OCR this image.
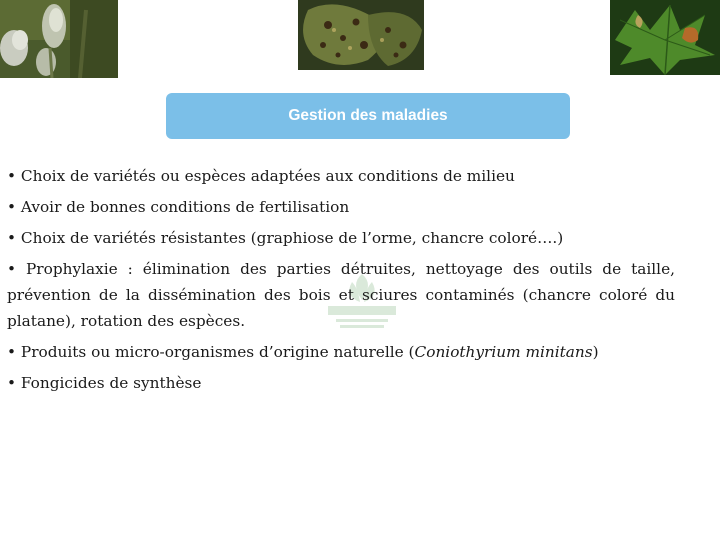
Gestion des maladies

• Choix de variétés ou espèces adaptées aux conditions de milieu

• Avoir de bonnes conditions de fertilisation

• Choix de variétés résistantes (graphiose de l’orme, chancre coloré….)

• Prophylaxie : élimination des parties détruites, nettoyage des outils de taille, prévention de la dissémination des bois et sciures contaminés (chancre coloré du platane), rotation des espèces.

• Produits ou micro-organismes d’origine naturelle (Coniothyrium minitans)

• Fongicides de synthèse
